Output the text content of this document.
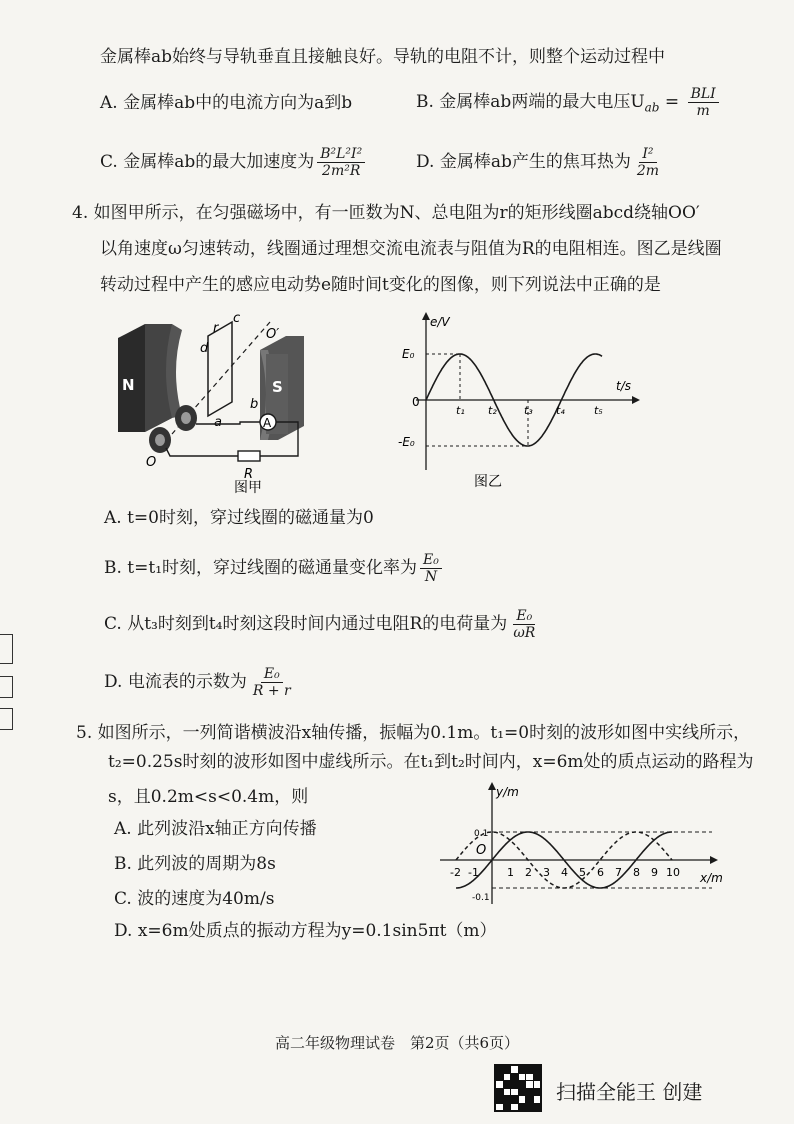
金属棒ab始终与导轨垂直且接触良好。导轨的电阻不计，则整个运动过程中
A. 金属棒ab中的电流方向为a到b	B. 金属棒ab两端的最大电压$U_{ab} = \frac{\text{BLI}}{m}$
C. 金属棒ab的最大加速度为 $\frac{\text{B²L²I²}}{\text{2m²R}}$	D. 金属棒ab产生的焦耳热为 $\frac{\text{I²}}{2m}$
4. 如图甲所示，在匀强磁场中，有一匝数为N、总电阻为r的矩形线圈abcd绕轴OO′
以角速度ω匀速转动，线圈通过理想交流电流表与阻值为R的电阻相连。图乙是线圈
转动过程中产生的感应电动势e随时间t变化的图像，则下列说法中正确的是
N	S
r
c
d
O′
a
b
A
R
O
图甲
e/V
t/s
E₀
-E₀
0
t₁ t₂ t₃ t₄	t₅
图乙
A. t=0时刻，穿过线圈的磁通量为0
B. t=t₁时刻，穿过线圈的磁通量变化率为 $\frac{\text{E₀}}{N}$
C. 从t₃时刻到t₄时刻这段时间内通过电阻R的电荷量为 $\frac{\text{E₀}}{\omega R}$
D. 电流表的示数为 $\frac{\text{E₀}}{R + r}$
5. 如图所示，一列简谐横波沿x轴传播，振幅为0.1m。t₁=0时刻的波形如图中实线所示，
t₂=0.25s时刻的波形如图中虚线所示。在t₁到t₂时间内，x=6m处的质点运动的路程为
s，且0.2m<s<0.4m，则
A. 此列波沿x轴正方向传播
B. 此列波的周期为8s
C. 波的速度为40m/s
D. x=6m处质点的振动方程为y=0.1sin5πt（m）
y/m
x/m
O
0.1
-0.1
-2 -1	1 2 3 4 5 6 7 8 9 10
高二年级物理试卷　第2页（共6页）
扫描全能王 创建
